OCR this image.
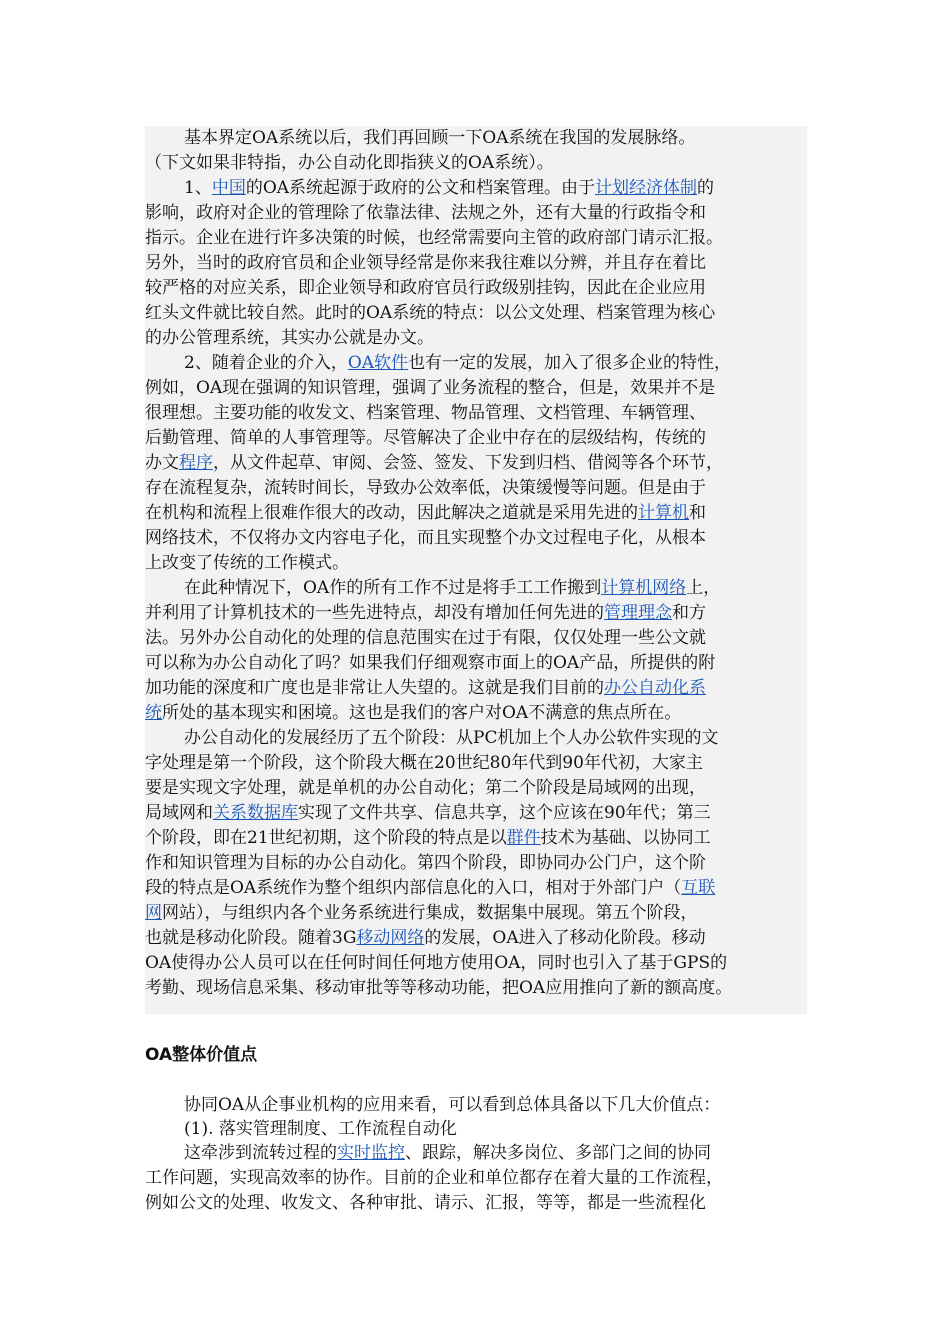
基本界定OA系统以后，我们再回顾一下OA系统在我国的发展脉络。
（下文如果非特指，办公自动化即指狭义的OA系统）。
1、中国的OA系统起源于政府的公文和档案管理。由于计划经济体制的
影响，政府对企业的管理除了依靠法律、法规之外，还有大量的行政指令和
指示。企业在进行许多决策的时候，也经常需要向主管的政府部门请示汇报。
另外，当时的政府官员和企业领导经常是你来我往难以分辨，并且存在着比
较严格的对应关系，即企业领导和政府官员行政级别挂钩，因此在企业应用
红头文件就比较自然。此时的OA系统的特点：以公文处理、档案管理为核心
的办公管理系统，其实办公就是办文。
2、随着企业的介入，OA软件也有一定的发展，加入了很多企业的特性，
例如，OA现在强调的知识管理，强调了业务流程的整合，但是，效果并不是
很理想。主要功能的收发文、档案管理、物品管理、文档管理、车辆管理、
后勤管理、简单的人事管理等。尽管解决了企业中存在的层级结构，传统的
办文程序，从文件起草、审阅、会签、签发、下发到归档、借阅等各个环节，
存在流程复杂，流转时间长，导致办公效率低，决策缓慢等问题。但是由于
在机构和流程上很难作很大的改动，因此解决之道就是采用先进的计算机和
网络技术，不仅将办文内容电子化，而且实现整个办文过程电子化，从根本
上改变了传统的工作模式。
在此种情况下，OA作的所有工作不过是将手工工作搬到计算机网络上，
并利用了计算机技术的一些先进特点，却没有增加任何先进的管理理念和方
法。另外办公自动化的处理的信息范围实在过于有限，仅仅处理一些公文就
可以称为办公自动化了吗？如果我们仔细观察市面上的OA产品，所提供的附
加功能的深度和广度也是非常让人失望的。这就是我们目前的办公自动化系
统所处的基本现实和困境。这也是我们的客户对OA不满意的焦点所在。
办公自动化的发展经历了五个阶段：从PC机加上个人办公软件实现的文
字处理是第一个阶段，这个阶段大概在20世纪80年代到90年代初，大家主
要是实现文字处理，就是单机的办公自动化；第二个阶段是局域网的出现，
局域网和关系数据库实现了文件共享、信息共享，这个应该在90年代；第三
个阶段，即在21世纪初期，这个阶段的特点是以群件技术为基础、以协同工
作和知识管理为目标的办公自动化。第四个阶段，即协同办公门户，这个阶
段的特点是OA系统作为整个组织内部信息化的入口，相对于外部门户（互联
网网站），与组织内各个业务系统进行集成，数据集中展现。第五个阶段，
也就是移动化阶段。随着3G移动网络的发展，OA进入了移动化阶段。移动
OA使得办公人员可以在任何时间任何地方使用OA，同时也引入了基于GPS的
考勤、现场信息采集、移动审批等等移动功能，把OA应用推向了新的额高度。
OA整体价值点
协同OA从企事业机构的应用来看，可以看到总体具备以下几大价值点：
(1). 落实管理制度、工作流程自动化
这牵涉到流转过程的实时监控、跟踪，解决多岗位、多部门之间的协同
工作问题，实现高效率的协作。目前的企业和单位都存在着大量的工作流程，
例如公文的处理、收发文、各种审批、请示、汇报，等等，都是一些流程化
